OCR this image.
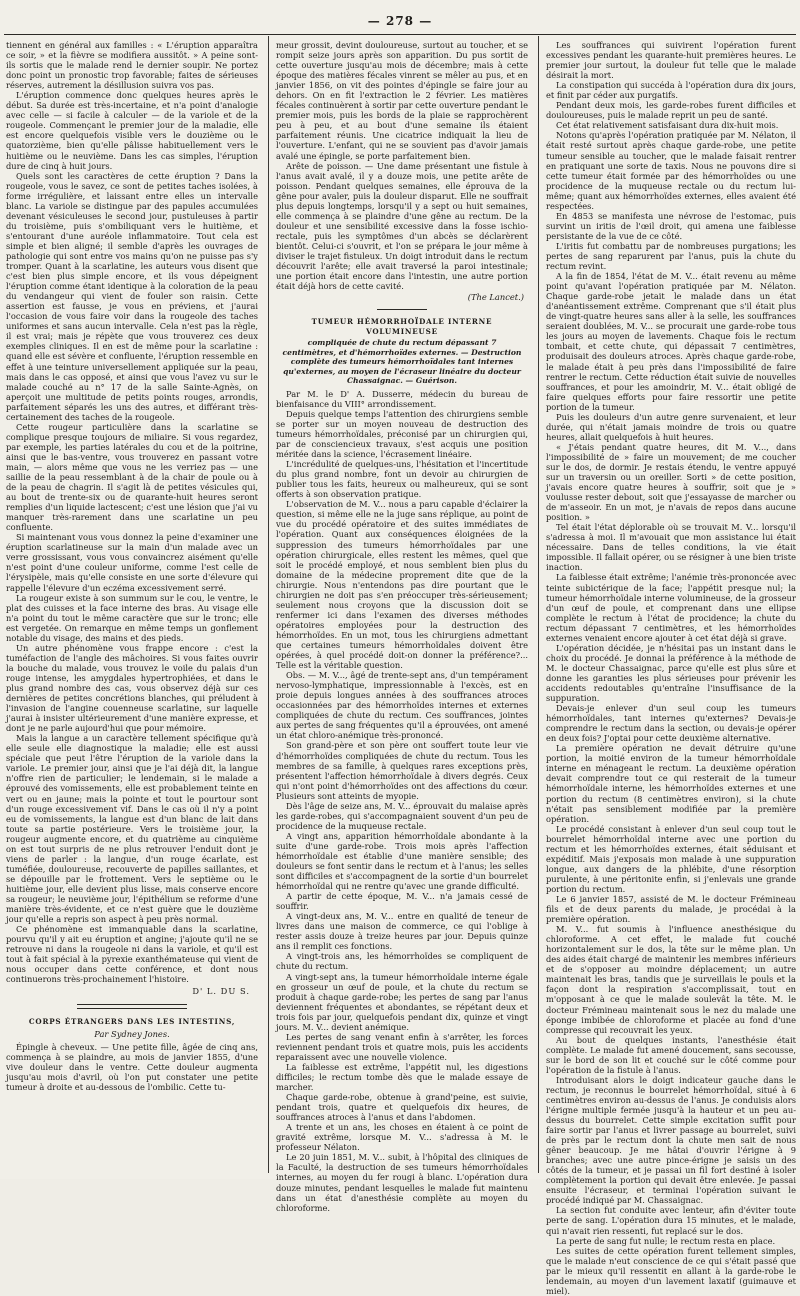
— 278 —

tiennent en général aux familles : « L'éruption apparaîtra ce soir, » et la fièvre se modifiera aussitôt. » A peine sont-ils sortis que le malade rend le dernier soupir. Ne portez donc point un pronostic trop favorable; faites de sérieuses réserves, autrement la désillusion suivra vos pas.

L'éruption commence donc quelques heures après le début. Sa durée est très-incertaine, et n'a point d'analogie avec celle — si facile à calculer — de la variole et de la rougeole. Commençant le premier jour de la maladie, elle est encore quelquefois visible vers le douzième ou le quatorzième, bien qu'elle pâlisse habituellement vers le huitième ou le neuvième. Dans les cas simples, l'éruption dure de cinq à huit jours.

Quels sont les caractères de cette éruption ? Dans la rougeole, vous le savez, ce sont de petites taches isolées, à forme irrégulière, et laissant entre elles un intervalle blanc. La variole se distingue par des papules accumulées devenant vésiculeuses le second jour, pustuleuses à partir du troisième, puis s'ombiliquant vers le huitième, et s'entourant d'une auréole inflammatoire. Tout cela est simple et bien aligné; il semble d'après les ouvrages de pathologie qui sont entre vos mains qu'on ne puisse pas s'y tromper. Quant à la scarlatine, les auteurs vous disent que c'est bien plus simple encore, et ils vous dépeignent l'éruption comme étant identique à la coloration de la peau du vendangeur qui vient de fouler son raisin. Cette assertion est fausse, je vous en préviens, et j'aurai l'occasion de vous faire voir dans la rougeole des taches uniformes et sans aucun intervalle. Cela n'est pas la règle, il est vrai; mais je répète que vous trouverez ces deux exemples cliniques. Il en est de même pour la scarlatine : quand elle est sévère et confluente, l'éruption ressemble en effet à une teinture universellement appliquée sur la peau, mais dans le cas opposé, et ainsi que vous l'avez vu sur le malade couché au n° 17 de la salle Sainte-Agnès, on aperçoit une multitude de petits points rouges, arrondis, parfaitement séparés les uns des autres, et différant très-certainement des taches de la rougeole.

Cette rougeur particulière dans la scarlatine se complique presque toujours de miliaire. Si vous regardez, par exemple, les parties latérales du cou et de la poitrine, ainsi que le bas-ventre, vous trouverez en passant votre main, — alors même que vous ne les verriez pas — une saillie de la peau ressemblant à de la chair de poule ou à de la peau de chagrin. Il s'agit là de petites vésicules qui, au bout de trente-six ou de quarante-huit heures seront remplies d'un liquide lactescent; c'est une lésion que j'ai vu manquer très-rarement dans une scarlatine un peu confluente.

Si maintenant vous vous donnez la peine d'examiner une éruption scarlatineuse sur la main d'un malade avec un verre grossissant, vous vous convaincrez aisément qu'elle n'est point d'une couleur uniforme, comme l'est celle de l'érysipèle, mais qu'elle consiste en une sorte d'élevure qui rappelle l'élevure d'un eczéma excessivement serré.

La rougeur existe à son summum sur le cou, le ventre, le plat des cuisses et la face interne des bras. Au visage elle n'a point du tout le même caractère que sur le tronc; elle est vergetée. On remarque en même temps un gonflement notable du visage, des mains et des pieds.

Un autre phénomène vous frappe encore : c'est la tuméfaction de l'angle des mâchoires. Si vous faites ouvrir la bouche du malade, vous trouvez le voile du palais d'un rouge intense, les amygdales hypertrophiées, et dans le plus grand nombre des cas, vous observez déjà sur ces dernières de petites concrétions blanches, qui préludent à l'invasion de l'angine couenneuse scarlatine, sur laquelle j'aurai à insister ultérieurement d'une manière expresse, et dont je ne parle aujourd'hui que pour mémoire.

Mais la langue a un caractère tellement spécifique qu'à elle seule elle diagnostique la maladie; elle est aussi spéciale que peut l'être l'éruption de la variole dans la variole. Le premier jour, ainsi que je l'ai déjà dit, la langue n'offre rien de particulier; le lendemain, si le malade a éprouvé des vomissements, elle est probablement teinte en vert ou en jaune; mais la pointe et tout le pourtour sont d'un rouge excessivement vif. Dans le cas où il n'y a point eu de vomissements, la langue est d'un blanc de lait dans toute sa partie postérieure. Vers le troisième jour, la rougeur augmente encore, et du quatrième au cinquième on est tout surpris de ne plus retrouver l'enduit dont je viens de parler : la langue, d'un rouge écarlate, est tuméfiée, douloureuse, recouverte de papilles saillantes, et se dépouille par le frottement. Vers le septième ou le huitième jour, elle devient plus lisse, mais conserve encore sa rougeur; le neuvième jour, l'épithélium se reforme d'une manière très-évidente, et ce n'est guère que le douzième jour qu'elle a repris son aspect à peu près normal.

Ce phénomène est immanquable dans la scarlatine, pourvu qu'il y ait eu éruption et angine; j'ajoute qu'il ne se retrouve ni dans la rougeole ni dans la variole, et qu'il est tout à fait spécial à la pyrexie exanthémateuse qui vient de nous occuper dans cette conférence, et dont nous continuerons très-prochainement l'histoire.

D' L. DU S.
CORPS ÉTRANGERS DANS LES INTESTINS,
Par Sydney Jones.

Épingle à cheveux. — Une petite fille, âgée de cinq ans, commença à se plaindre, au mois de janvier 1855, d'une vive douleur dans le ventre. Cette douleur augmenta jusqu'au mois d'avril, où l'on put constater une petite tumeur à droite et au-dessous de l'ombilic. Cette tu-

meur grossit, devint douloureuse, surtout au toucher, et se rompit seize jours après son apparition. Du pus sortit de cette ouverture jusqu'au mois de décembre; mais à cette époque des matières fécales vinrent se mêler au pus, et en janvier 1856, on vit des pointes d'épingle se faire jour au dehors. On en fit l'extraction le 2 février. Les matières fécales continuèrent à sortir par cette ouverture pendant le premier mois, puis les bords de la plaie se rapprochèrent peu à peu, et au bout d'une semaine ils étaient parfaitement réunis. Une cicatrice indiquait la lieu de l'ouverture. L'enfant, qui ne se souvient pas d'avoir jamais avalé une épingle, se porte parfaitement bien.

Arête de poisson. — Une dame présentant une fistule à l'anus avait avalé, il y a douze mois, une petite arête de poisson. Pendant quelques semaines, elle éprouva de la gêne pour avaler, puis la douleur disparut. Elle ne souffrait plus depuis longtemps, lorsqu'il y a sept ou huit semaines, elle commença à se plaindre d'une gêne au rectum. De la douleur et une sensibilité excessive dans la fosse ischio-rectale, puis les symptômes d'un abcès se déclarèrent bientôt. Celui-ci s'ouvrit, et l'on se prépara le jour même à diviser le trajet fistuleux. Un doigt introduit dans le rectum découvrit l'arête; elle avait traversé la paroi intestinale; une portion était encore dans l'intestin, une autre portion était déjà hors de cette cavité.

(The Lancet.)
TUMEUR HÉMORRHOÏDALE INTERNE VOLUMINEUSE
compliquée de chute du rectum dépassant 7 centimètres, et d'hémorrhoïdes externes. — Destruction complète des tumeurs hémorrhoïdales tant internes qu'externes, au moyen de l'écraseur linéaire du docteur Chassaignac. — Guérison.

Par M. le D' A. Dusserre, médecin du bureau de bienfaisance du VIII° arrondissement.

Depuis quelque temps l'attention des chirurgiens semble se porter sur un moyen nouveau de destruction des tumeurs hémorrhoïdales, préconisé par un chirurgien qui, par de consciencieux travaux, s'est acquis une position méritée dans la science, l'écrasement linéaire.

L'incrédulité de quelques-uns, l'hésitation et l'incertitude du plus grand nombre, font un devoir au chirurgien de publier tous les faits, heureux ou malheureux, qui se sont offerts à son observation pratique.

L'observation de M. V... nous a paru capable d'éclairer la question, si même elle ne la juge sans réplique, au point de vue du procédé opératoire et des suites immédiates de l'opération. Quant aux conséquences éloignées de la suppression des tumeurs hémorrhoïdales par une opération chirurgicale, elles restent les mêmes, quel que soit le procédé employé, et nous semblent bien plus du domaine de la médecine proprement dite que de la chirurgie. Nous n'entendons pas dire pourtant que le chirurgien ne doit pas s'en préoccuper très-sérieusement; seulement nous croyons que la discussion doit se renfermer ici dans l'examen des diverses méthodes opératoires employées pour la destruction des hémorrhoïdes. En un mot, tous les chirurgiens admettant que certaines tumeurs hémorrhoïdales doivent être opérées, à quel procédé doit-on donner la préférence?... Telle est la véritable question.

Obs. — M. V..., âgé de trente-sept ans, d'un tempérament nervoso-lymphatique, impressionnable à l'excès, est en proie depuis longues années à des souffrances atroces occasionnées par des hémorrhoïdes internes et externes compliquées de chute du rectum. Ces souffrances, jointes aux pertes de sang fréquentes qu'il a éprouvées, ont amené un état chloro-anémique très-prononcé.

Son grand-père et son père ont souffert toute leur vie d'hémorrhoïdes compliquées de chute du rectum. Tous les membres de sa famille, à quelques rares exceptions près, présentent l'affection hémorrhoïdale à divers degrés. Ceux qui n'ont point d'hémorrhoïdes ont des affections du cœur. Plusieurs sont atteints de myopie.

Dès l'âge de seize ans, M. V... éprouvait du malaise après les garde-robes, qui s'accompagnaient souvent d'un peu de procidence de la muqueuse rectale.

A vingt ans, apparition hémorrhoïdale abondante à la suite d'une garde-robe. Trois mois après l'affection hémorrhoïdale est établie d'une manière sensible; des douleurs se font sentir dans le rectum et à l'anus; les selles sont difficiles et s'accompagnent de la sortie d'un bourrelet hémorrhoïdal qui ne rentre qu'avec une grande difficulté.

A partir de cette époque, M. V... n'a jamais cessé de souffrir.

A vingt-deux ans, M. V... entre en qualité de teneur de livres dans une maison de commerce, ce qui l'oblige à rester assis douze à treize heures par jour. Depuis quinze ans il remplit ces fonctions.

A vingt-trois ans, les hémorrhoïdes se compliquent de chute du rectum.

A vingt-sept ans, la tumeur hémorrhoïdale interne égale en grosseur un œuf de poule, et la chute du rectum se produit à chaque garde-robe; les pertes de sang par l'anus deviennent fréquentes et abondantes, se répétant deux et trois fois par jour, quelquefois pendant dix, quinze et vingt jours. M. V... devient anémique.

Les pertes de sang venant enfin à s'arrêter, les forces reviennent pendant trois et quatre mois, puis les accidents reparaissent avec une nouvelle violence.

La faiblesse est extrême, l'appétit nul, les digestions difficiles; le rectum tombe dès que le malade essaye de marcher.

Chaque garde-robe, obtenue à grand'peine, est suivie, pendant trois, quatre et quelquefois dix heures, de souffrances atroces à l'anus et dans l'abdomen.

A trente et un ans, les choses en étaient à ce point de gravité extrême, lorsque M. V... s'adressa à M. le professeur Nélaton.

Le 20 juin 1851, M. V... subit, à l'hôpital des cliniques de la Faculté, la destruction de ses tumeurs hémorrhoïdales internes, au moyen du fer rougi à blanc. L'opération dura douze minutes, pendant lesquelles le malade fut maintenu dans un état d'anesthésie complète au moyen du chloroforme.

Les souffrances qui suivirent l'opération furent excessives pendant les quarante-huit premières heures. Le premier jour surtout, la douleur fut telle que le malade désirait la mort.

La constipation qui succéda à l'opération dura dix jours, et finit par céder aux purgatifs.

Pendant deux mois, les garde-robes furent difficiles et douloureuses, puis le malade reprit un peu de santé.

Cet état relativement satisfaisant dura dix-huit mois.

Notons qu'après l'opération pratiquée par M. Nélaton, il était resté surtout après chaque garde-robe, une petite tumeur sensible au toucher, que le malade faisait rentrer en pratiquant une sorte de taxis. Nous ne pouvons dire si cette tumeur était formée par des hémorrhoïdes ou une procidence de la muqueuse rectale ou du rectum lui-même; quant aux hémorrhoïdes externes, elles avaient été respectées.

En 4853 se manifesta une névrose de l'estomac, puis survint un iritis de l'œil droit, qui amena une faiblesse persistante de la vue de ce côté.

L'iritis fut combattu par de nombreuses purgations; les pertes de sang reparurent par l'anus, puis la chute du rectum revint.

A la fin de 1854, l'état de M. V... était revenu au même point qu'avant l'opération pratiquée par M. Nélaton. Chaque garde-robe jetait le malade dans un état d'anéantissement extrême. Comprenant que s'il était plus de vingt-quatre heures sans aller à la selle, les souffrances seraient doublées, M. V... se procurait une garde-robe tous les jours au moyen de lavements. Chaque fois le rectum tombait, et cette chute, qui dépassait 7 centimètres, produisait des douleurs atroces. Après chaque garde-robe, le malade était à peu près dans l'impossibilité de faire rentrer le rectum. Cette réduction était suivie de nouvelles souffrances, et pour les amoindrir, M. V... était obligé de faire quelques efforts pour faire ressortir une petite portion de la tumeur.

Puis les douleurs d'un autre genre survenaient, et leur durée, qui n'était jamais moindre de trois ou quatre heures, allait quelquefois à huit heures.

« J'étais pendant quatre heures, dit M. V..., dans l'impossibilité de » faire un mouvement; de me coucher sur le dos, de dormir. Je restais étendu, le ventre appuyé sur un traversin ou un oreiller. Sorti » de cette position, j'avais encore quatre heures à souffrir, soit que je » voulusse rester debout, soit que j'essayasse de marcher ou de m'asseoir. En un mot, je n'avais de repos dans aucune position. »

Tel était l'état déplorable où se trouvait M. V... lorsqu'il s'adressa à moi. Il m'avouait que mon assistance lui était nécessaire. Dans de telles conditions, la vie était impossible. Il fallait opérer, ou se résigner à une bien triste inaction.

La faiblesse était extrême; l'anémie très-prononcée avec teinte subictérique de la face; l'appétit presque nul; la tumeur hémorrhoïdale interne volumineuse, de la grosseur d'un œuf de poule, et comprenant dans une ellipse complète le rectum à l'état de procidence; la chute du rectum dépassant 7 centimètres, et les hémorrhoïdes externes venaient encore ajouter à cet état déjà si grave.

L'opération décidée, je n'hésitai pas un instant dans le choix du procédé. Je donnai la préférence à la méthode de M. le docteur Chassaignac, parce qu'elle est plus sûre et donne les garanties les plus sérieuses pour prévenir les accidents redoutables qu'entraîne l'insuffisance de la suppuration.

Devais-je enlever d'un seul coup les tumeurs hémorrhoïdales, tant internes qu'externes? Devais-je comprendre le rectum dans la section, ou devais-je opérer en deux fois? J'optai pour cette deuxième alternative.

La première opération ne devait détruire qu'une portion, la moitié environ de la tumeur hémorrhoïdale interne en ménageant le rectum. La deuxième opération devait comprendre tout ce qui resterait de la tumeur hémorrhoïdale interne, les hémorrhoïdes externes et une portion du rectum (8 centimètres environ), si la chute n'était pas sensiblement modifiée par la première opération.

Le procédé consistant à enlever d'un seul coup tout le bourrelet hémorrhoïdal interne avec une portion du rectum et les hémorrhoïdes externes, était séduisant et expéditif. Mais j'exposais mon malade à une suppuration longue, aux dangers de la phlébite, d'une résorption purulente, à une péritonite enfin, si j'enlevais une grande portion du rectum.

Le 6 janvier 1857, assisté de M. le docteur Frémineau fils et de deux parents du malade, je procédai à la première opération.

M. V... fut soumis à l'influence anesthésique du chloroforme. A cet effet, le malade fut couché horizontalement sur le dos, la tête sur le même plan. Un des aides était chargé de maintenir les membres inférieurs et de s'opposer au moindre déplacement; un autre maintenait les bras, tandis que je surveillais le pouls et la façon dont la respiration s'accomplissait, tout en m'opposant à ce que le malade soulevât la tête. M. le docteur Frémineau maintenait sous le nez du malade une éponge imbibée de chloroforme et placée au fond d'une compresse qui recouvrait les yeux.

Au bout de quelques instants, l'anesthésie était complète. Le malade fut amené doucement, sans secousse, sur le bord de son lit et couché sur le côté comme pour l'opération de la fistule à l'anus.

Introduisant alors le doigt indicateur gauche dans le rectum, je reconnus le bourrelet hémorrhoïdal, situé à 6 centimètres environ au-dessus de l'anus. Je conduisis alors l'érigne multiple fermée jusqu'à la hauteur et un peu au-dessus du bourrelet. Cette simple excitation suffit pour faire sortir par l'anus et livrer passage au bourrelet, suivi de près par le rectum dont la chute men sait de nous gêner beaucoup. Je me hâtai d'ouvrir l'érigne à 9 branches; avec une autre pince-érigne je saisis un des côtés de la tumeur, et je passai un fil fort destiné à isoler complètement la portion qui devait être enlevée. Je passai ensuite l'écraseur, et terminai l'opération suivant le procédé indiqué par M. Chassaignac.

La section fut conduite avec lenteur, afin d'éviter toute perte de sang. L'opération dura 15 minutes, et le malade, qui n'avait rien ressenti, fut replacé sur le dos.

La perte de sang fut nulle; le rectum resta en place.

Les suites de cette opération furent tellement simples, que le malade n'eut conscience de ce qui s'était passé que par le mieux qu'il ressentit en allant à la garde-robe le lendemain, au moyen d'un lavement laxatif (guimauve et miel).
